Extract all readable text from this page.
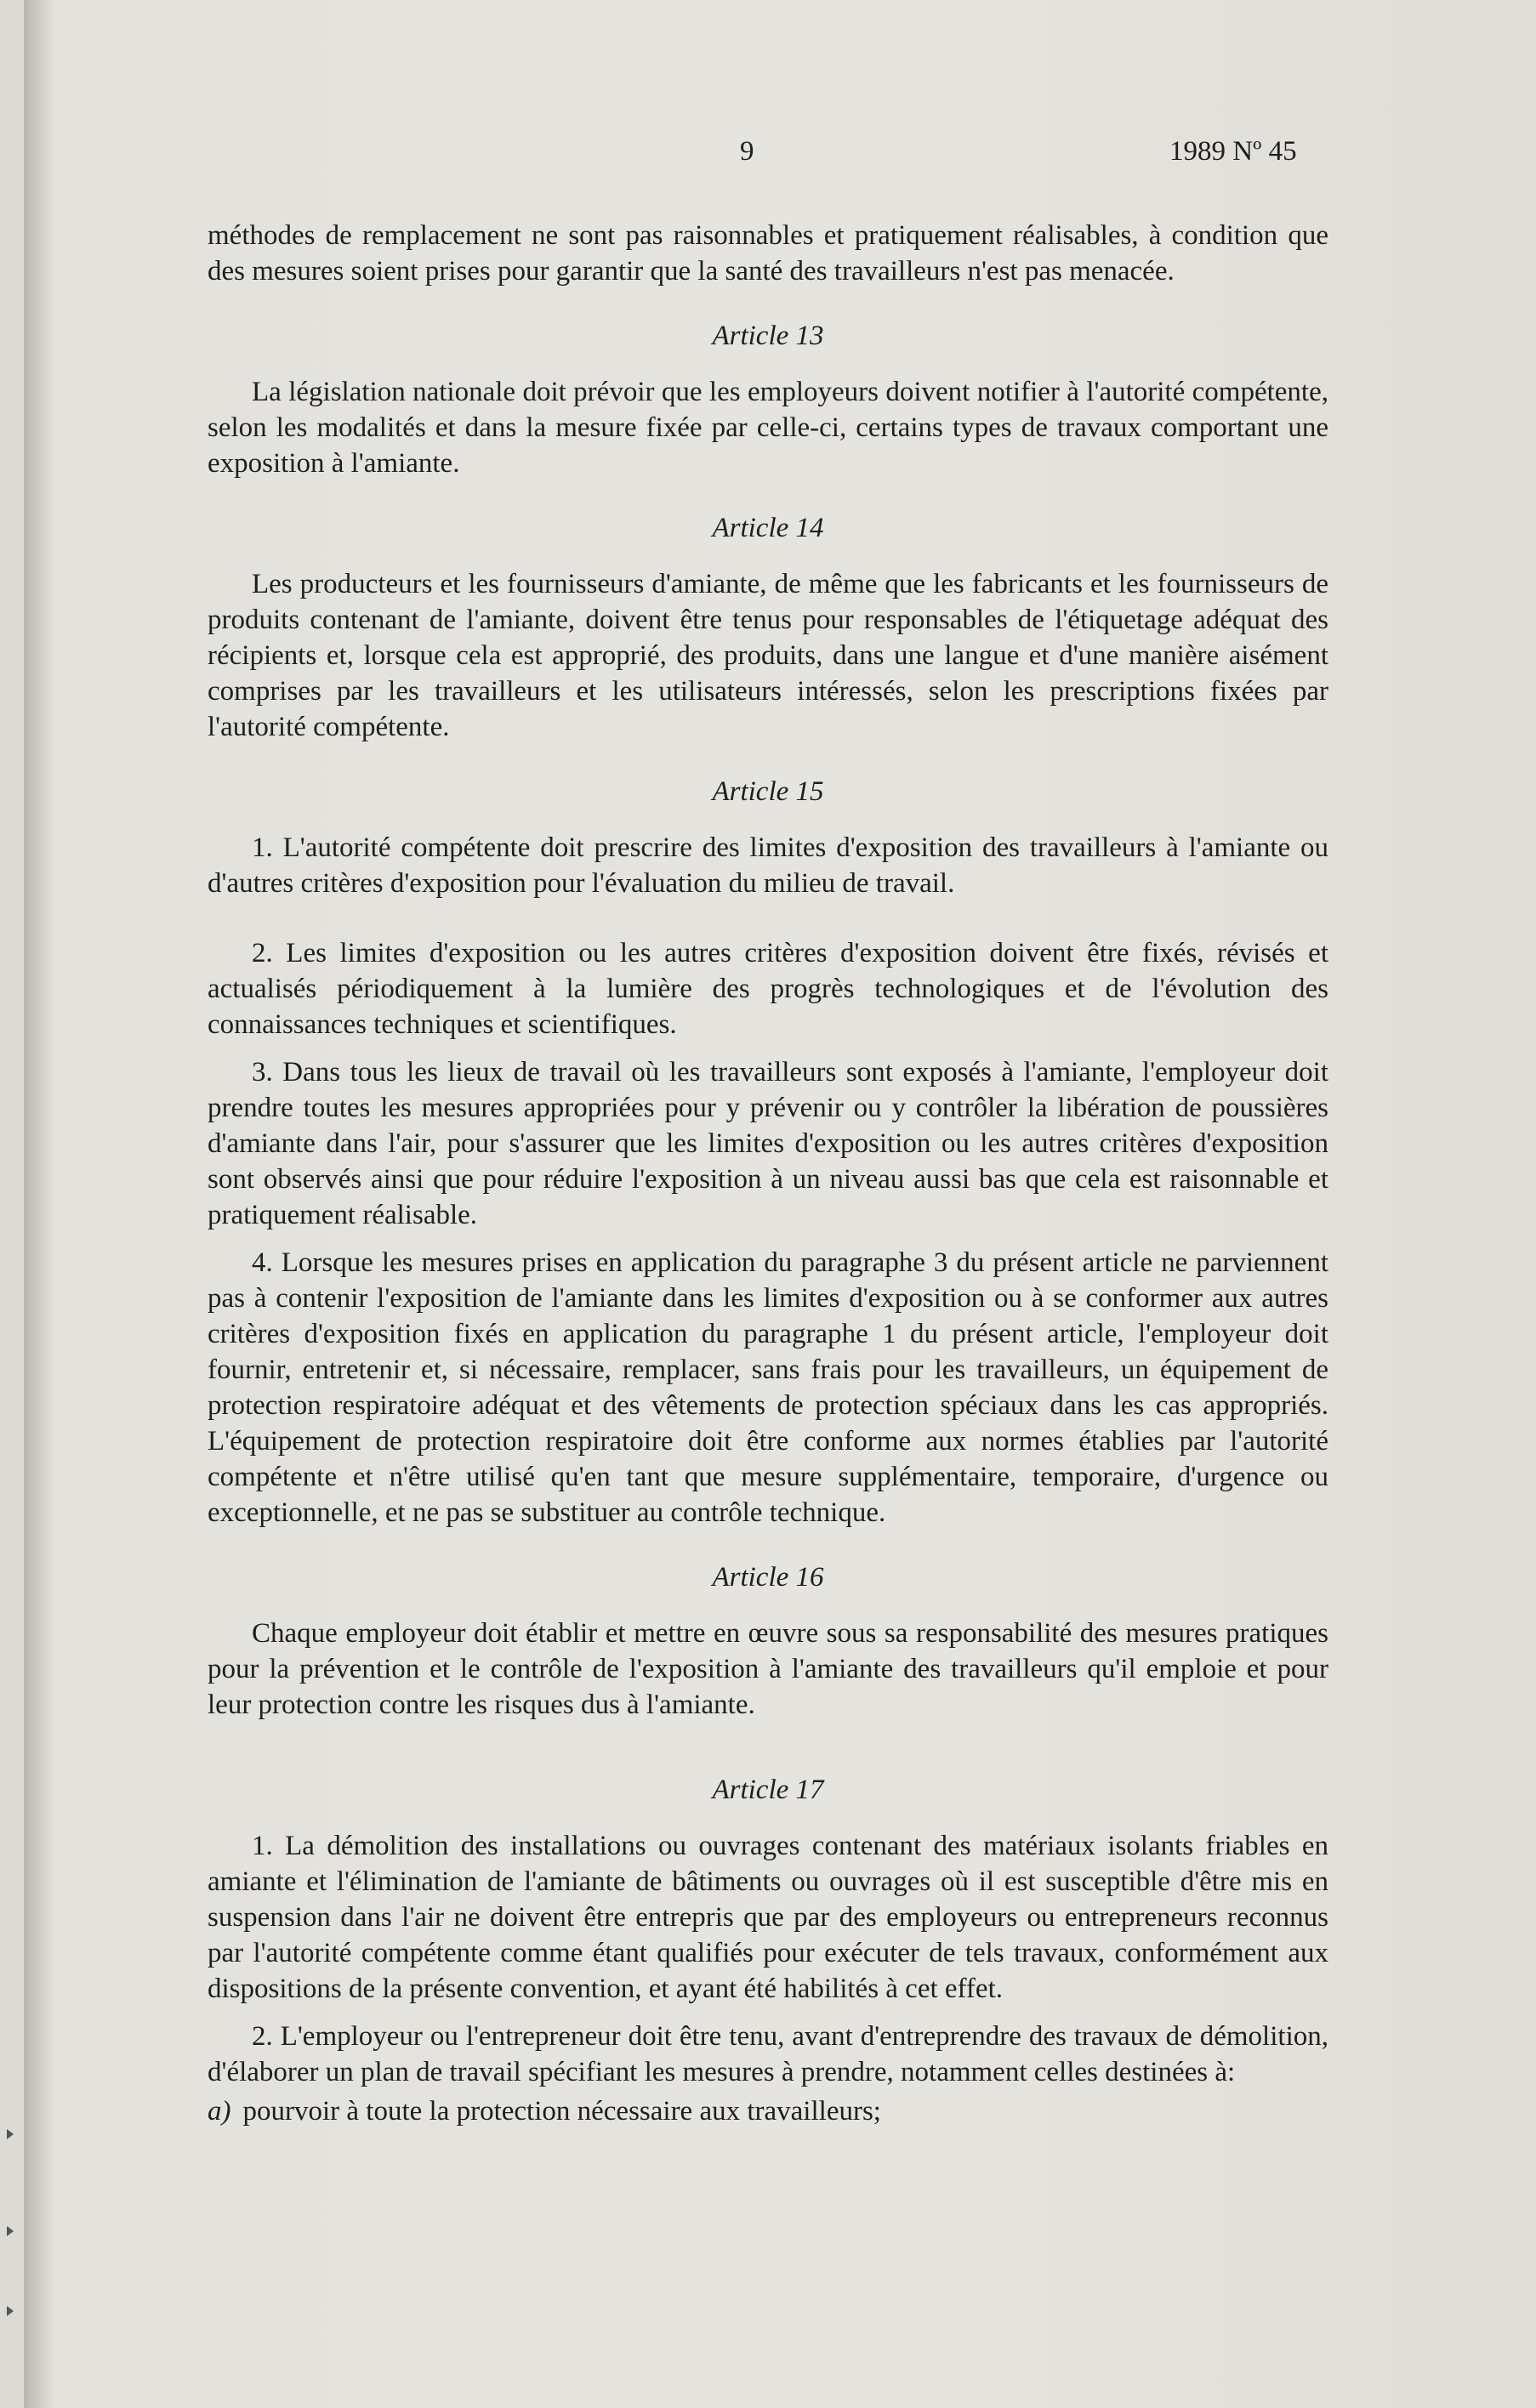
9	1989 Nº 45

méthodes de remplacement ne sont pas raisonnables et pratiquement réalisables, à condition que des mesures soient prises pour garantir que la santé des travailleurs n'est pas menacée.

Article 13

La législation nationale doit prévoir que les employeurs doivent notifier à l'autorité compétente, selon les modalités et dans la mesure fixée par celle-ci, certains types de travaux comportant une exposition à l'amiante.

Article 14

Les producteurs et les fournisseurs d'amiante, de même que les fabricants et les fournisseurs de produits contenant de l'amiante, doivent être tenus pour responsables de l'étiquetage adéquat des récipients et, lorsque cela est approprié, des produits, dans une langue et d'une manière aisément comprises par les travailleurs et les utilisateurs intéressés, selon les prescriptions fixées par l'autorité compétente.

Article 15

1. L'autorité compétente doit prescrire des limites d'exposition des travailleurs à l'amiante ou d'autres critères d'exposition pour l'évaluation du milieu de travail.

2. Les limites d'exposition ou les autres critères d'exposition doivent être fixés, révisés et actualisés périodiquement à la lumière des progrès technologiques et de l'évolution des connaissances techniques et scientifiques.

3. Dans tous les lieux de travail où les travailleurs sont exposés à l'amiante, l'employeur doit prendre toutes les mesures appropriées pour y prévenir ou y contrôler la libération de poussières d'amiante dans l'air, pour s'assurer que les limites d'exposition ou les autres critères d'exposition sont observés ainsi que pour réduire l'exposition à un niveau aussi bas que cela est raisonnable et pratiquement réalisable.

4. Lorsque les mesures prises en application du paragraphe 3 du présent article ne parviennent pas à contenir l'exposition de l'amiante dans les limites d'exposition ou à se conformer aux autres critères d'exposition fixés en application du paragraphe 1 du présent article, l'employeur doit fournir, entretenir et, si nécessaire, remplacer, sans frais pour les travailleurs, un équipement de protection respiratoire adéquat et des vêtements de protection spéciaux dans les cas appropriés. L'équipement de protection respiratoire doit être conforme aux normes établies par l'autorité compétente et n'être utilisé qu'en tant que mesure supplémentaire, temporaire, d'urgence ou exceptionnelle, et ne pas se substituer au contrôle technique.

Article 16

Chaque employeur doit établir et mettre en œuvre sous sa responsabilité des mesures pratiques pour la prévention et le contrôle de l'exposition à l'amiante des travailleurs qu'il emploie et pour leur protection contre les risques dus à l'amiante.

Article 17

1. La démolition des installations ou ouvrages contenant des matériaux isolants friables en amiante et l'élimination de l'amiante de bâtiments ou ouvrages où il est susceptible d'être mis en suspension dans l'air ne doivent être entrepris que par des employeurs ou entrepreneurs reconnus par l'autorité compétente comme étant qualifiés pour exécuter de tels travaux, conformément aux dispositions de la présente convention, et ayant été habilités à cet effet.

2. L'employeur ou l'entrepreneur doit être tenu, avant d'entreprendre des travaux de démolition, d'élaborer un plan de travail spécifiant les mesures à prendre, notamment celles destinées à:

a) pourvoir à toute la protection nécessaire aux travailleurs;
